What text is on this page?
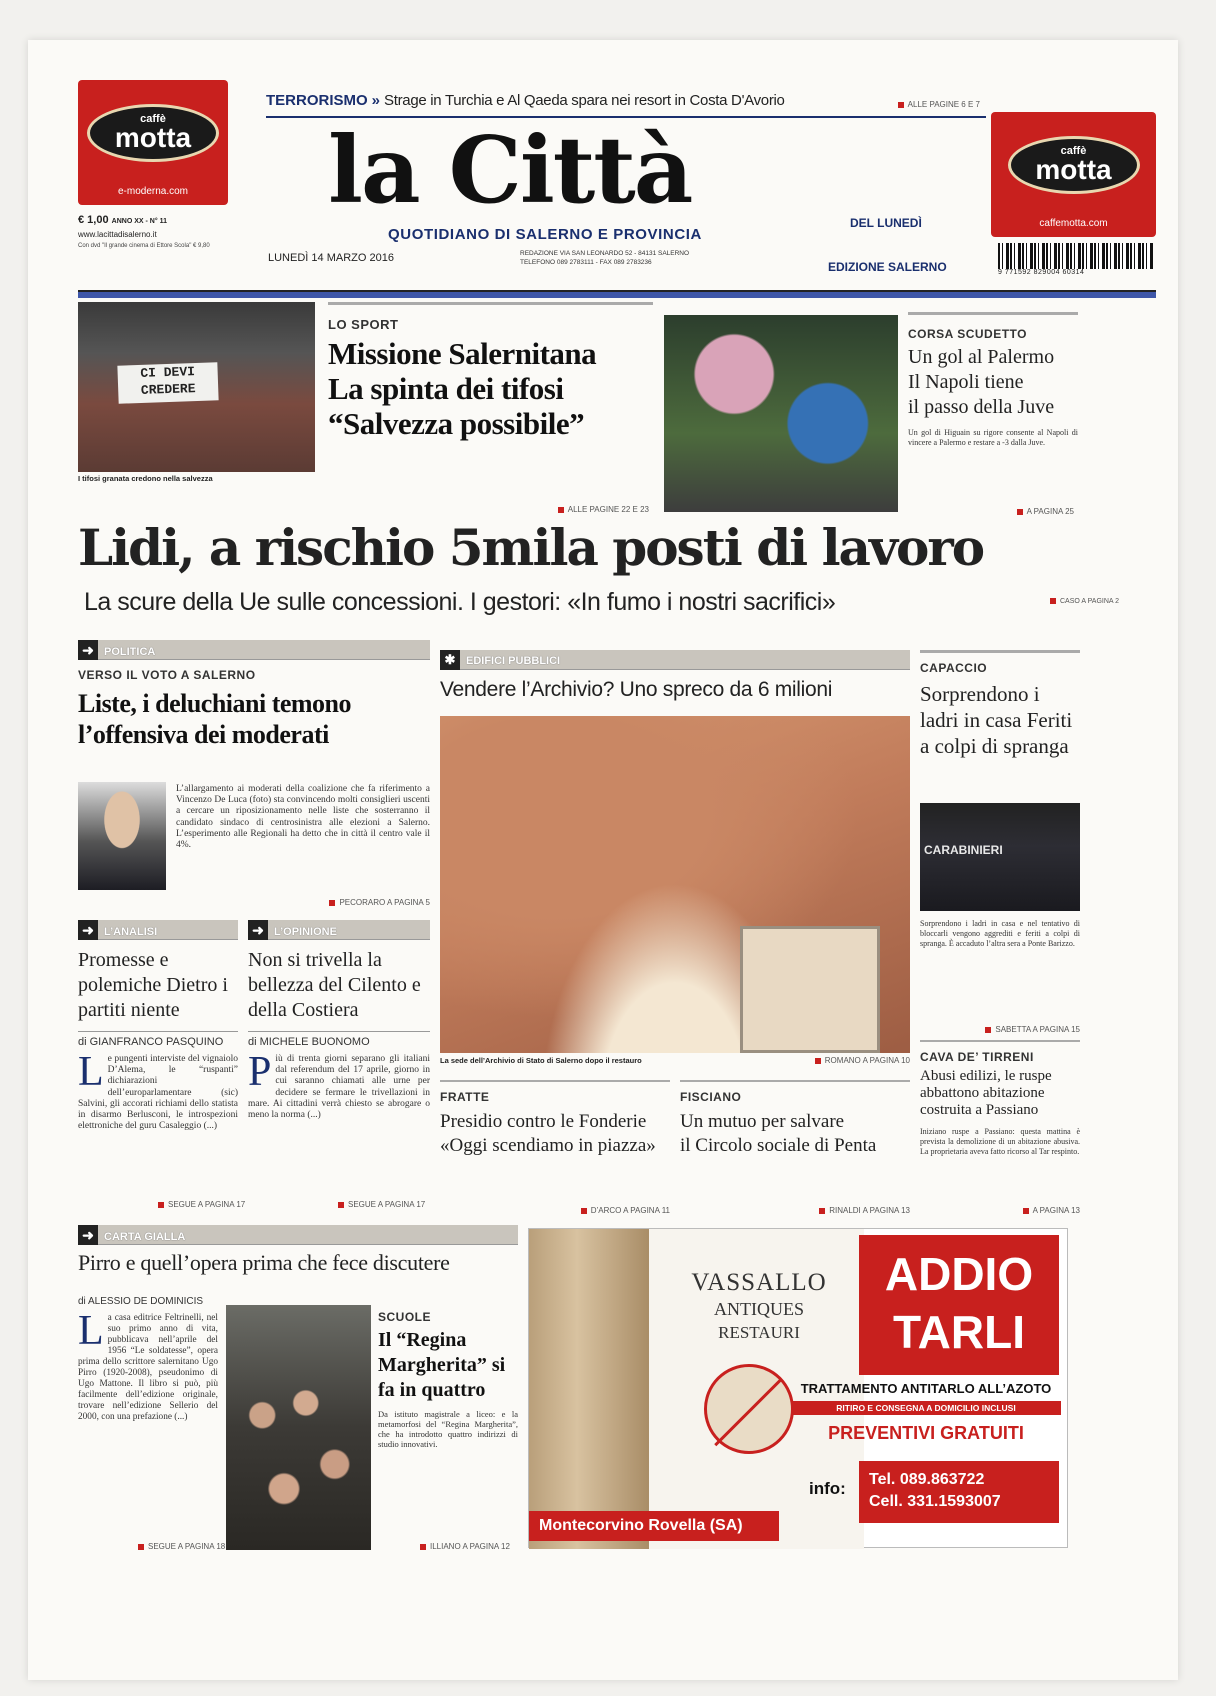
caffè
motta
e-moderna.com
caffè
motta
caffemotta.com
TERRORISMO » Strage in Turchia e Al Qaeda spara nei resort in Costa D'Avorio	ALLE PAGINE 6 E 7
la Città
QUOTIDIANO DI SALERNO E PROVINCIA
DEL LUNEDÌ
9 771592 829004 60314
€ 1,00 ANNO XX - N° 11
www.lacittadisalerno.it
Con dvd "Il grande cinema di Ettore Scola" € 9,80
LUNEDÌ 14 MARZO 2016	REDAZIONE VIA SAN LEONARDO 52 - 84131 SALERNO
TELEFONO 089 2783111 - FAX 089 2783236	EDIZIONE SALERNO
CI DEVI
CREDERE
I tifosi granata credono nella salvezza
LO SPORT
Missione Salernitana
La spinta dei tifosi
“Salvezza possibile”
ALLE PAGINE 22 E 23
CORSA SCUDETTO
Un gol al Palermo
Il Napoli tiene
il passo della Juve
Un gol di Higuain su rigore consente al Napoli di vincere a Palermo e restare a -3 dalla Juve.
A PAGINA 25
Lidi, a rischio 5mila posti di lavoro
La scure della Ue sulle concessioni. I gestori: «In fumo i nostri sacrifici»	CASO A PAGINA 2
➜ POLITICA
VERSO IL VOTO A SALERNO
Liste, i deluchiani temono
l’offensiva dei moderati
L’allargamento ai moderati della coalizione che fa riferimento a Vincenzo De Luca (foto) sta convincendo molti consiglieri uscenti a cercare un riposizionamento nelle liste che sosterranno il candidato sindaco di centrosinistra alle elezioni a Salerno. L’esperimento alle Regionali ha detto che in città il centro vale il 4%.
PECORARO A PAGINA 5
➜ L’ANALISI
Promesse e polemiche Dietro i partiti niente
di GIANFRANCO PASQUINO
Le pungenti interviste del vignaiolo D’Alema, le “ruspanti” dichiarazioni dell’europarlamentare (sic) Salvini, gli accorati richiami dello statista in disarmo Berlusconi, le introspezioni elettroniche del guru Casaleggio (...)
SEGUE A PAGINA 17
➜ L’OPINIONE
Non si trivella la bellezza del Cilento e della Costiera
di MICHELE BUONOMO
Più di trenta giorni separano gli italiani dal referendum del 17 aprile, giorno in cui saranno chiamati alle urne per decidere se fermare le trivellazioni in mare. Ai cittadini verrà chiesto se abrogare o meno la norma (...)
SEGUE A PAGINA 17
✱ EDIFICI PUBBLICI
Vendere l’Archivio? Uno spreco da 6 milioni
La sede dell’Archivio di Stato di Salerno dopo il restauro	ROMANO A PAGINA 10
CAPACCIO
Sorprendono i ladri in casa Feriti a colpi di spranga
CARABINIERI
Sorprendono i ladri in casa e nel tentativo di bloccarli vengono aggrediti e feriti a colpi di spranga. È accaduto l’altra sera a Ponte Barizzo.
SABETTA A PAGINA 15
CAVA DE’ TIRRENI
Abusi edilizi, le ruspe abbattono abitazione costruita a Passiano
Iniziano ruspe a Passiano: questa mattina è prevista la demolizione di un abitazione abusiva. La proprietaria aveva fatto ricorso al Tar respinto.
A PAGINA 13
FRATTE
Presidio contro le Fonderie
«Oggi scendiamo in piazza»
D’ARCO A PAGINA 11
FISCIANO
Un mutuo per salvare
il Circolo sociale di Penta
RINALDI A PAGINA 13
➜ CARTA GIALLA
Pirro e quell’opera prima che fece discutere
di ALESSIO DE DOMINICIS
La casa editrice Feltrinelli, nel suo primo anno di vita, pubblicava nell’aprile del 1956 “Le soldatesse”, opera prima dello scrittore salernitano Ugo Pirro (1920-2008), pseudonimo di Ugo Mattone. Il libro si può, più facilmente dell’edizione originale, trovare nell’edizione Sellerio del 2000, con una prefazione (...)
SEGUE A PAGINA 18
SCUOLE
Il “Regina Margherita” si fa in quattro
Da istituto magistrale a liceo: e la metamorfosi del “Regina Margherita”, che ha introdotto quattro indirizzi di studio innovativi.
ILLIANO A PAGINA 12
VASSALLO
ANTIQUES
RESTAURI
Montecorvino Rovella (SA)
ADDIO
TARLI
TRATTAMENTO ANTITARLO ALL’AZOTO
RITIRO E CONSEGNA A DOMICILIO INCLUSI
PREVENTIVI GRATUITI
info: Tel. 089.863722
Cell. 331.1593007
